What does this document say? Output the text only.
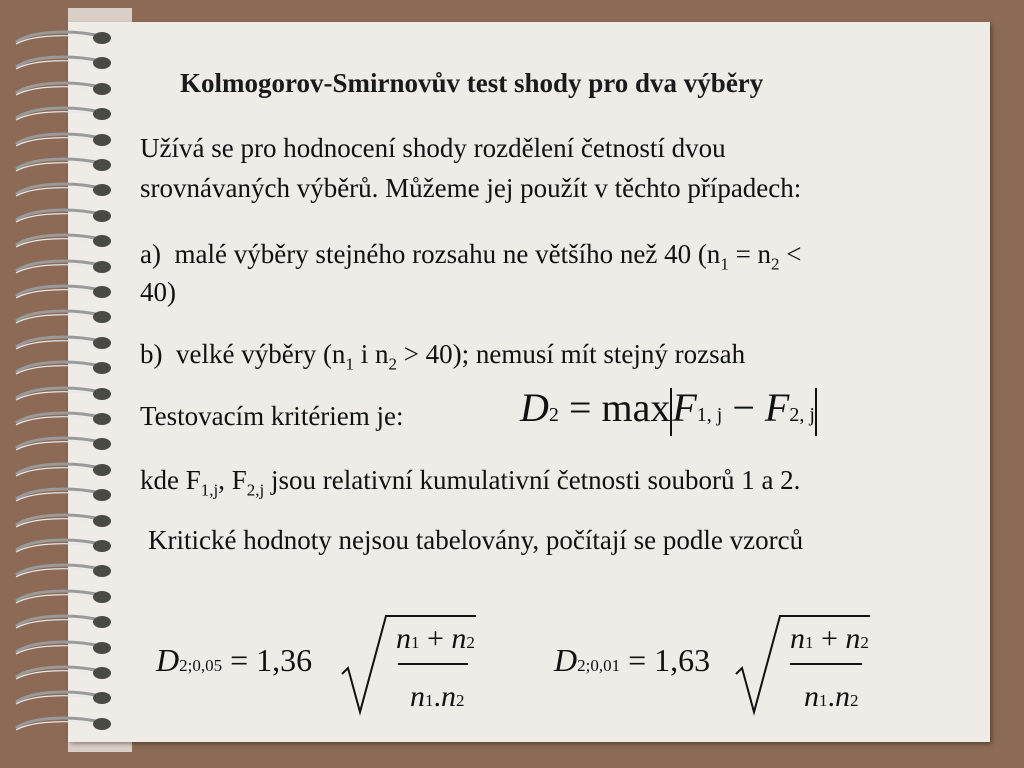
Kolmogorov-Smirnovův test shody pro dva výběry
Užívá se pro hodnocení shody rozdělení četností dvou
srovnávaných výběrů. Můžeme jej použít v těchto případech:
a) malé výběry stejného rozsahu ne většího než 40 ($n_1 = n_2$ <
40)
b) velké výběry ($n_1$ i $n_2 > 40$); nemusí mít stejný rozsah
Testovacím kritériem je:	D2 = maxF1, j − F2, j
kde $F_{1,j}$, $F_{2,j}$ jsou relativní kumulativní četnosti souborů 1 a 2.
Kritické hodnoty nejsou tabelovány, počítají se podle vzorců
D2;0,05 = 1,36
n1 + n2
n1.n2
D2;0,01 = 1,63
n1 + n2
n1.n2
